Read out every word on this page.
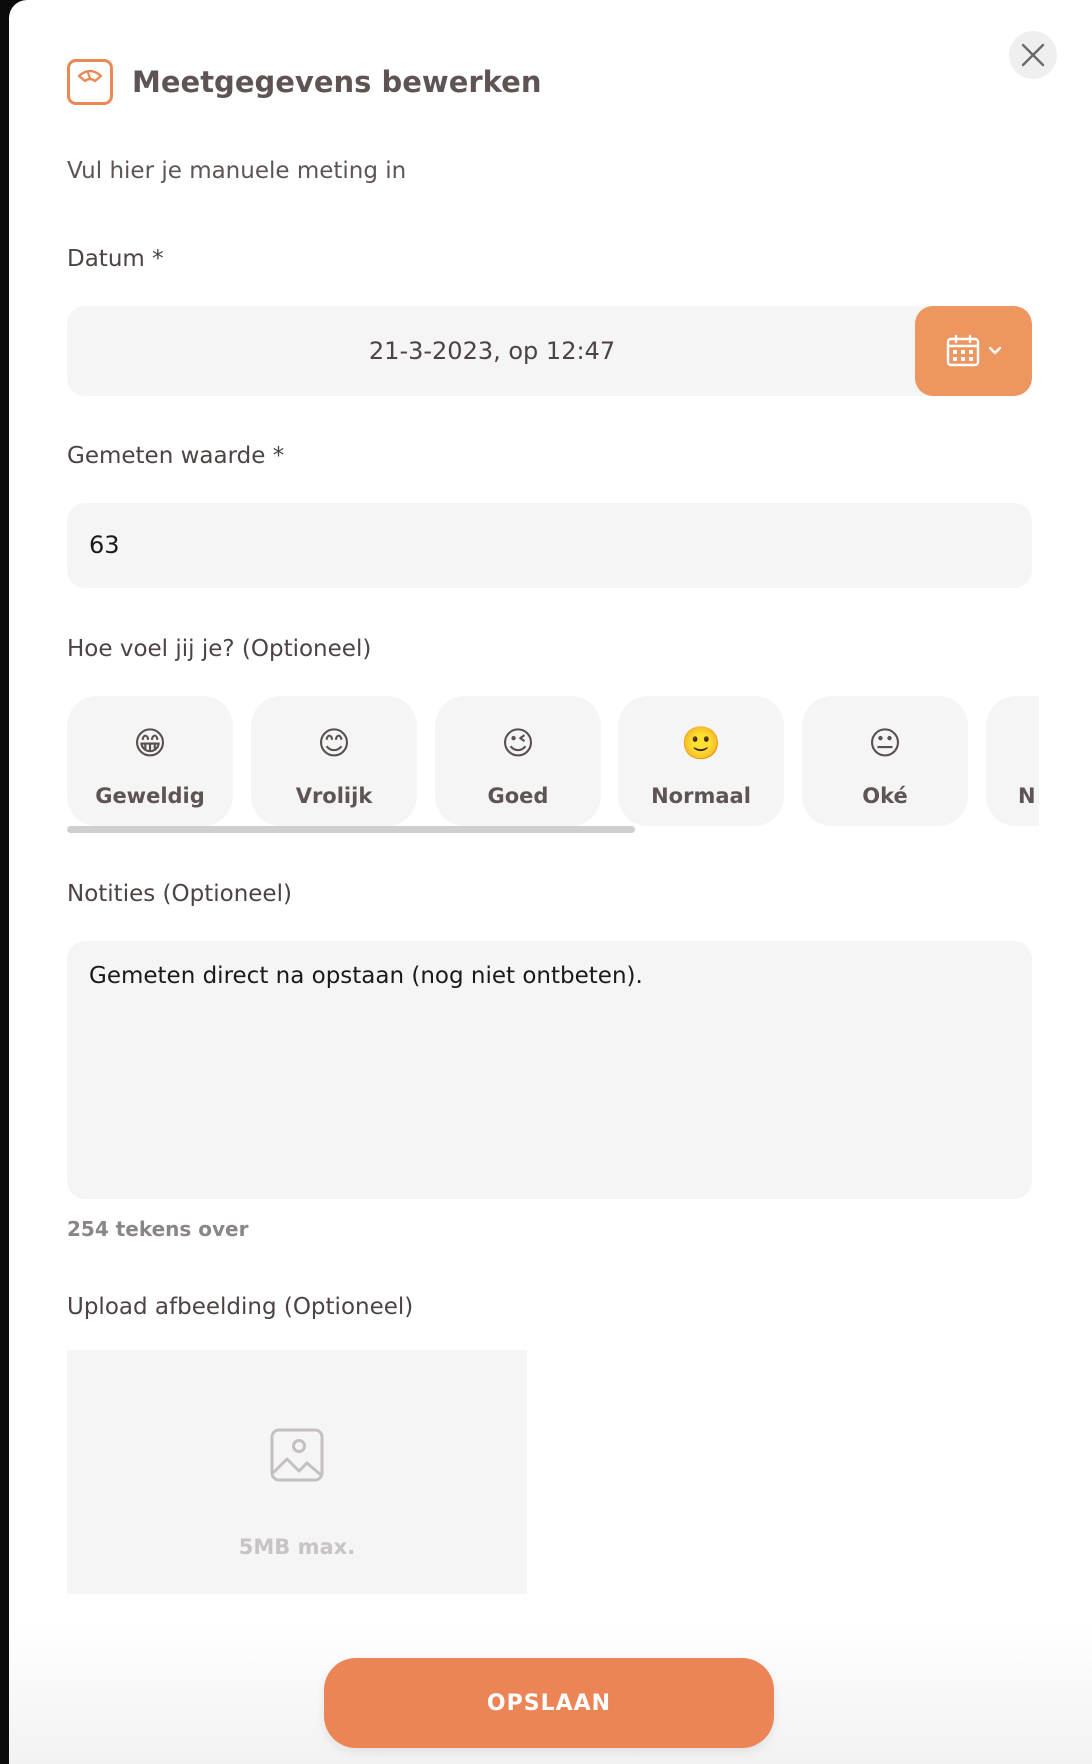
Meetgegevens bewerken
Vul hier je manuele meting in
Datum *
21-3-2023, op 12:47
Gemeten waarde *
63
Hoe voel jij je? (Optioneel)
😁
Geweldig
😊
Vrolijk
😉
Goed
🙂
Normaal
😐
Oké	N
Notities (Optioneel)
Gemeten direct na opstaan (nog niet ontbeten).
254 tekens over
Upload afbeelding (Optioneel)
5MB max.
OPSLAAN
